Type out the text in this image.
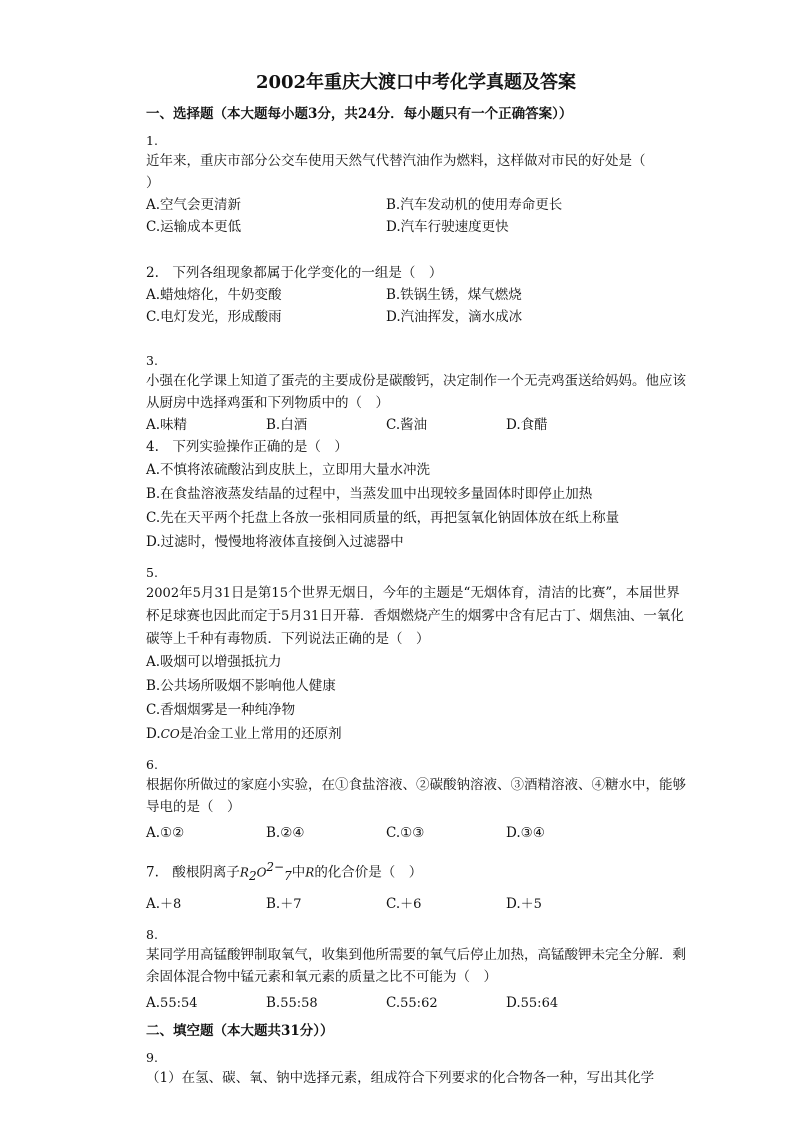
2002年重庆大渡口中考化学真题及答案
一、选择题（本大题每小题3分，共24分．每小题只有一个正确答案））
1.
近年来，重庆市部分公交车使用天然气代替汽油作为燃料，这样做对市民的好处是（
）
A.空气会更清新	B.汽车发动机的使用寿命更长
C.运输成本更低	D.汽车行驶速度更快
2.　下列各组现象都属于化学变化的一组是（　）
A.蜡烛熔化，牛奶变酸	B.铁锅生锈，煤气燃烧
C.电灯发光，形成酸雨	D.汽油挥发，滴水成冰
3.
小强在化学课上知道了蛋壳的主要成份是碳酸钙，决定制作一个无壳鸡蛋送给妈妈。他应该从厨房中选择鸡蛋和下列物质中的（　）
A.味精	B.白酒	C.酱油	D.食醋
4.　下列实验操作正确的是（　）
A.不慎将浓硫酸沾到皮肤上，立即用大量水冲洗
B.在食盐溶液蒸发结晶的过程中，当蒸发皿中出现较多量固体时即停止加热
C.先在天平两个托盘上各放一张相同质量的纸，再把氢氧化钠固体放在纸上称量
D.过滤时，慢慢地将液体直接倒入过滤器中
5.
2002年5月31日是第15个世界无烟日，今年的主题是“无烟体育，清洁的比赛”，本届世界杯足球赛也因此而定于5月31日开幕．香烟燃烧产生的烟雾中含有尼古丁、烟焦油、一氧化碳等上千种有毒物质．下列说法正确的是（　）
A.吸烟可以增强抵抗力
B.公共场所吸烟不影响他人健康
C.香烟烟雾是一种纯净物
D.CO是冶金工业上常用的还原剂
6.
根据你所做过的家庭小实验，在①食盐溶液、②碳酸钠溶液、③酒精溶液、④糖水中，能够导电的是（　）
A.①②	B.②④	C.①③	D.③④
7.　酸根阴离子$R_2O^{2-}_7$中R的化合价是（　）
A.＋8	B.＋7	C.＋6	D.＋5
8.
某同学用高锰酸钾制取氧气，收集到他所需要的氧气后停止加热，高锰酸钾未完全分解．剩余固体混合物中锰元素和氧元素的质量之比不可能为（　）
A.55:54	B.55:58	C.55:62	D.55:64
二、填空题（本大题共31分））
9.
（1）在氢、碳、氧、钠中选择元素，组成符合下列要求的化合物各一种，写出其化学
